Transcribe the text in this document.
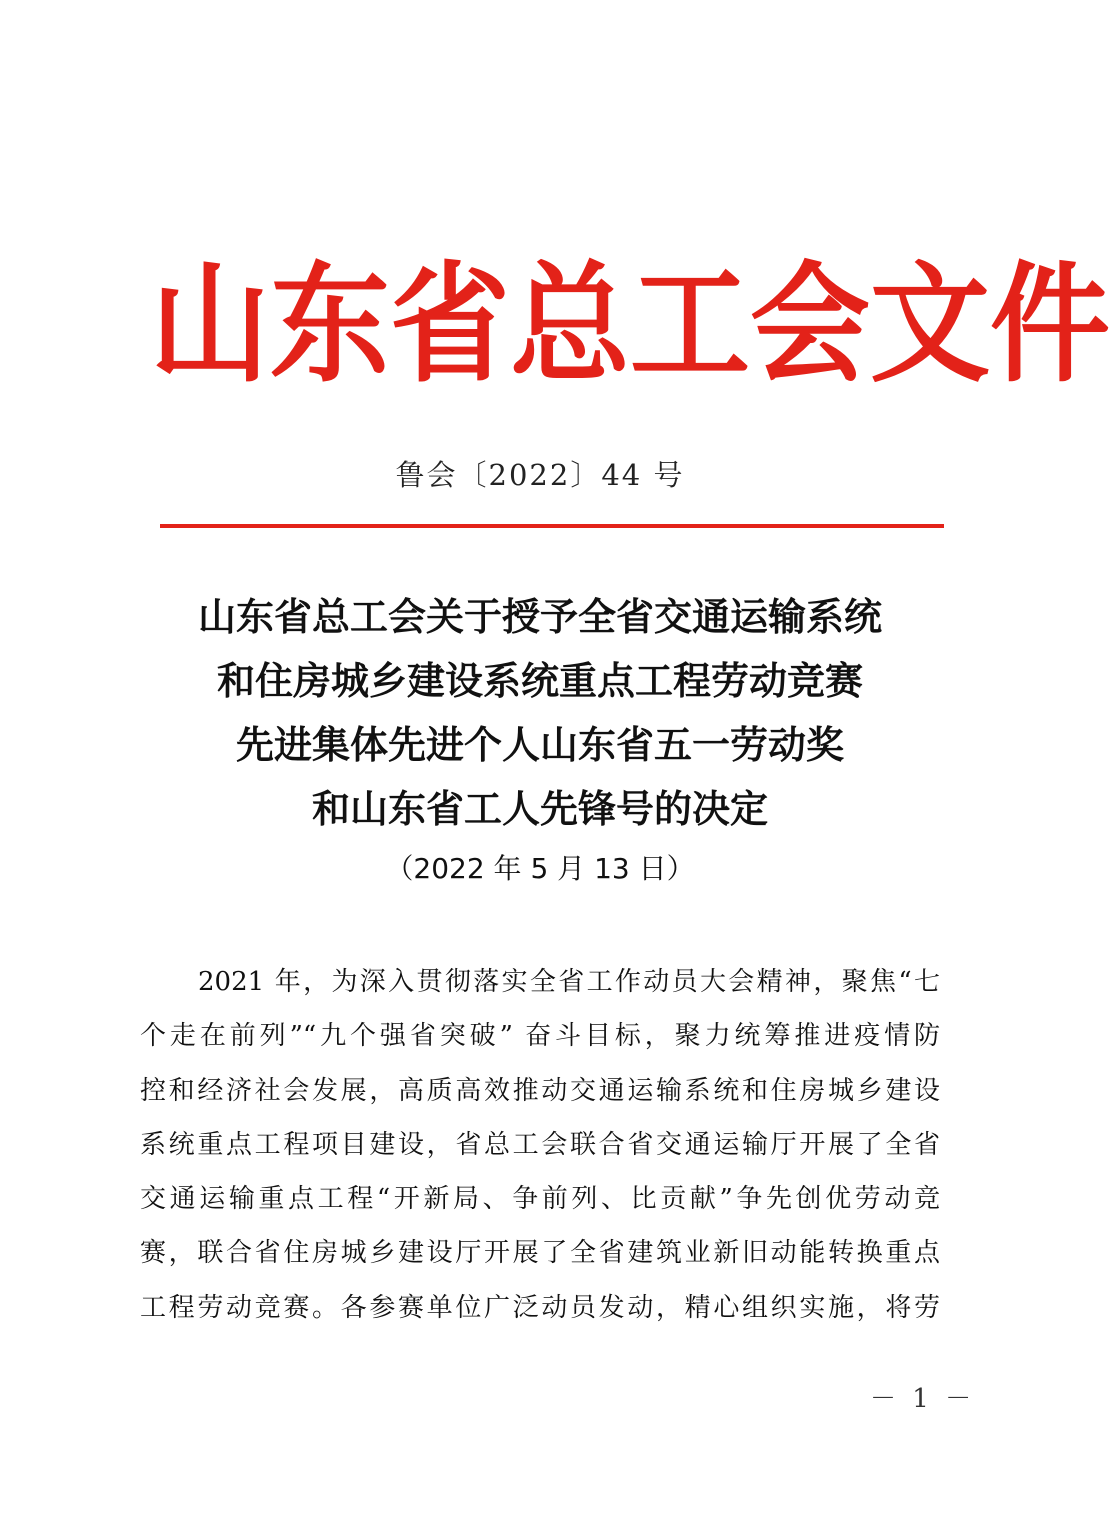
山 东 省 总 工 会 文 件
鲁会〔2022〕44 号
山东省总工会关于授予全省交通运输系统
和住房城乡建设系统重点工程劳动竞赛
先进集体先进个人山东省五一劳动奖
和山东省工人先锋号的决定
（2022 年 5 月 13 日）
2021 年，为深入贯彻落实全省工作动员大会精神，聚焦“七
个走在前列”“九个强省突破” 奋斗目标，聚力统筹推进疫情防
控和经济社会发展，高质高效推动交通运输系统和住房城乡建设
系统重点工程项目建设，省总工会联合省交通运输厅开展了全省
交通运输重点工程“开新局、争前列、比贡献”争先创优劳动竞
赛，联合省住房城乡建设厅开展了全省建筑业新旧动能转换重点
工程劳动竞赛。各参赛单位广泛动员发动，精心组织实施，将劳
－ 1 －
